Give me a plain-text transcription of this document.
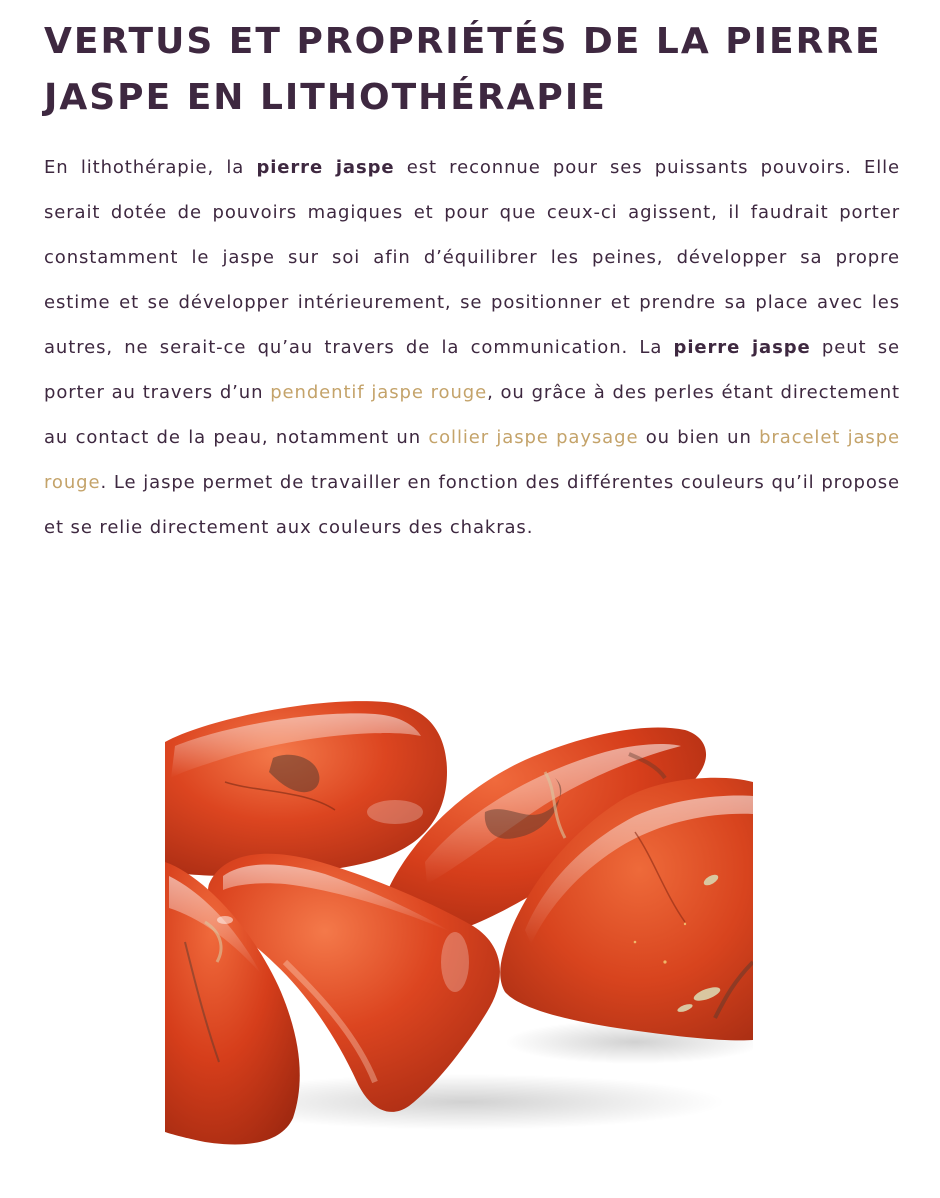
VERTUS ET PROPRIÉTÉS DE LA PIERRE JASPE EN LITHOTHÉRAPIE

En lithothérapie, la pierre jaspe est reconnue pour ses puissants pouvoirs. Elle serait dotée de pouvoirs magiques et pour que ceux-ci agissent, il faudrait porter constamment le jaspe sur soi afin d’équilibrer les peines, développer sa propre estime et se développer intérieurement, se positionner et prendre sa place avec les autres, ne serait-ce qu’au travers de la communication. La pierre jaspe peut se porter au travers d’un pendentif jaspe rouge, ou grâce à des perles étant directement au contact de la peau, notamment un collier jaspe paysage ou bien un bracelet jaspe rouge. Le jaspe permet de travailler en fonction des différentes couleurs qu’il propose et se relie directement aux couleurs des chakras.
